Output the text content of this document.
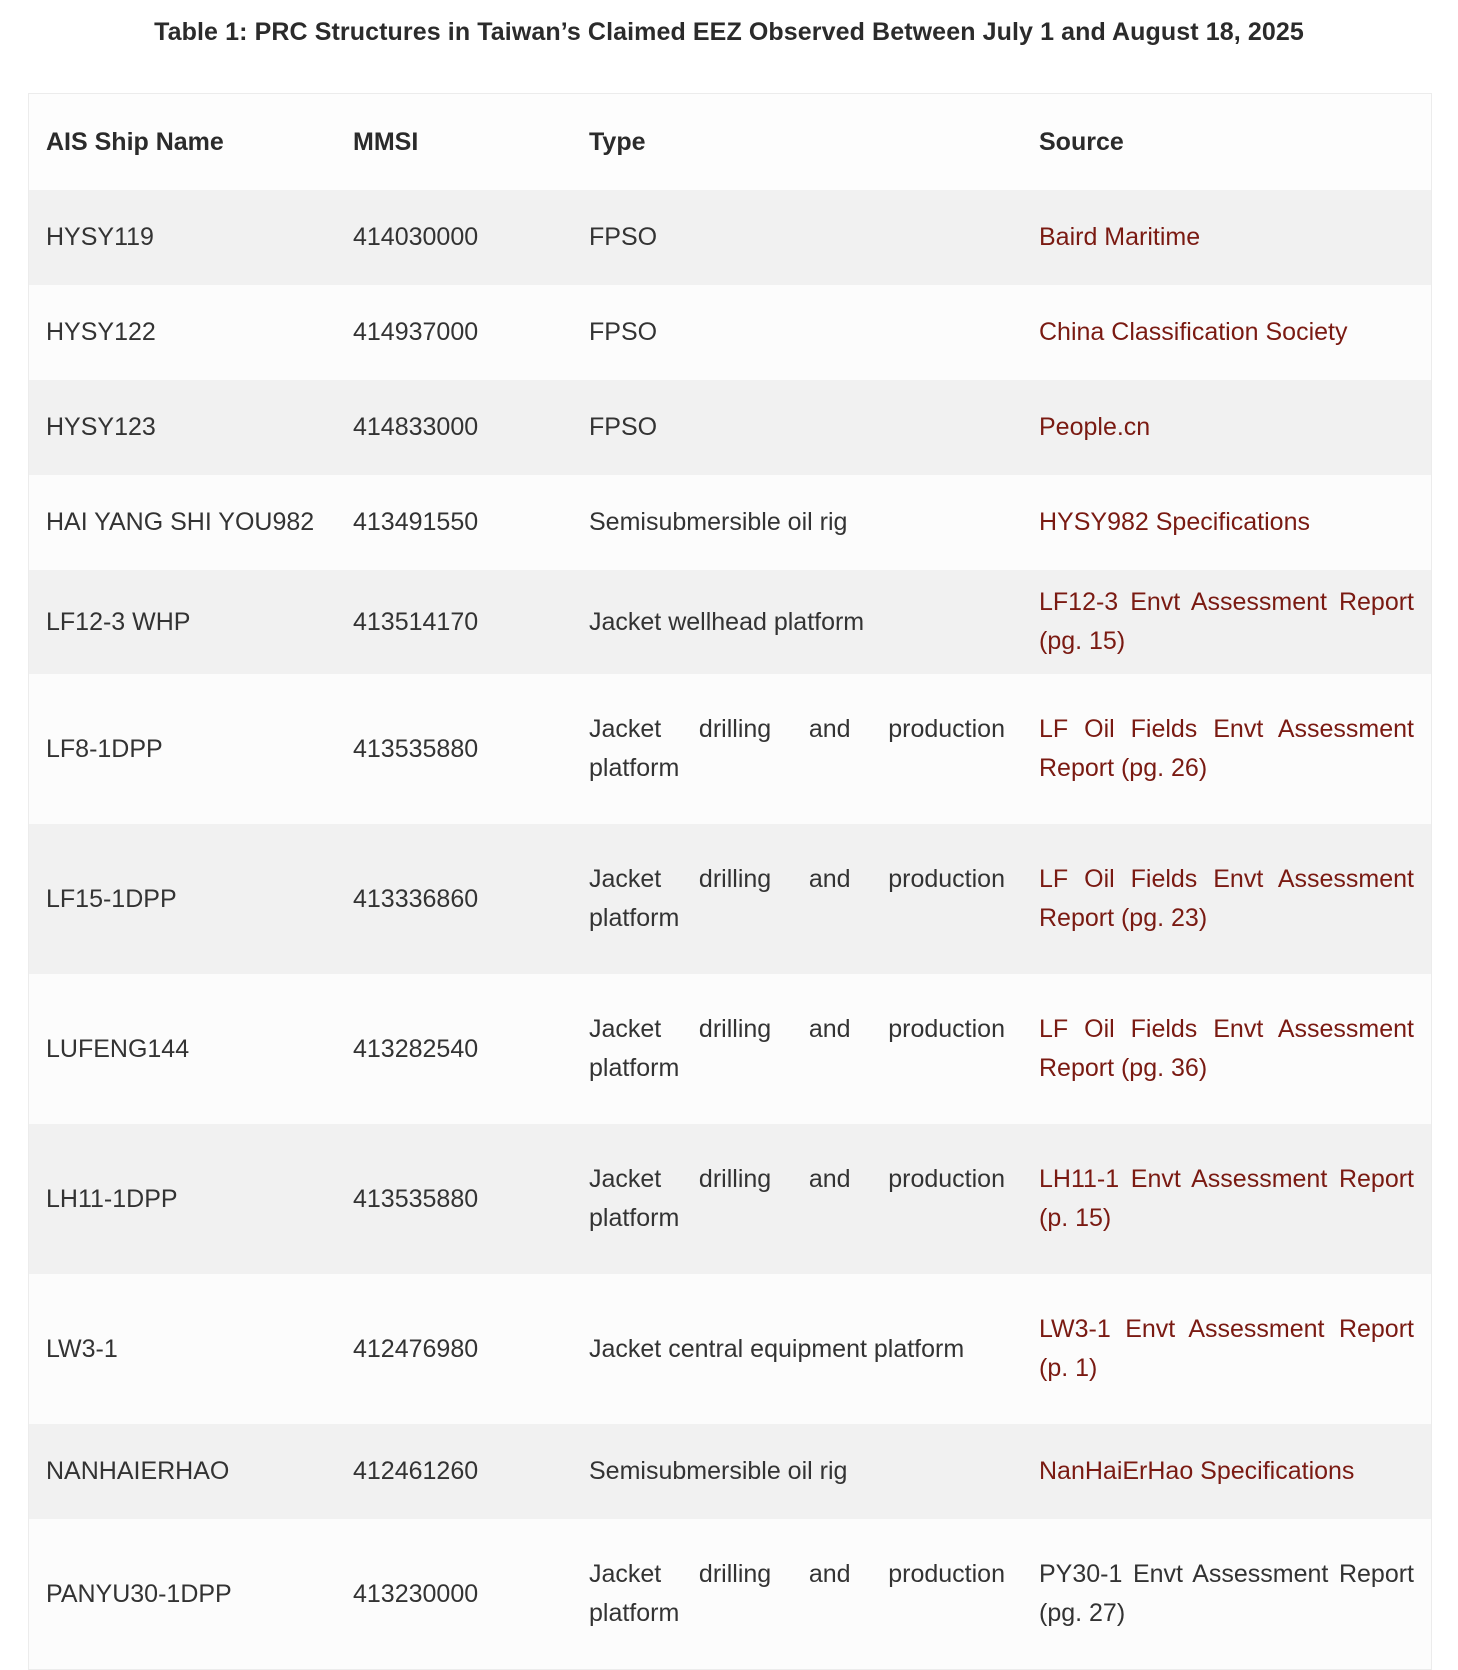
Table 1: PRC Structures in Taiwan’s Claimed EEZ Observed Between July 1 and August 18, 2025
AIS Ship Name	MMSI	Type	Source
HYSY119	414030000	FPSO	Baird Maritime
HYSY122	414937000	FPSO	China Classification Society
HYSY123	414833000	FPSO	People.cn
HAI YANG SHI YOU982	413491550	Semisubmersible oil rig	HYSY982 Specifications
LF12-3 WHP	413514170	Jacket wellhead platform	LF12-3 Envt Assessment Report (pg. 15)
LF8-1DPP	413535880	Jacket drilling and production platform	LF Oil Fields Envt Assessment Report (pg. 26)
LF15-1DPP	413336860	Jacket drilling and production platform	LF Oil Fields Envt Assessment Report (pg. 23)
LUFENG144	413282540	Jacket drilling and production platform	LF Oil Fields Envt Assessment Report (pg. 36)
LH11-1DPP	413535880	Jacket drilling and production platform	LH11-1 Envt Assessment Report (p. 15)
LW3-1	412476980	Jacket central equipment platform	LW3-1 Envt Assessment Report (p. 1)
NANHAIERHAO	412461260	Semisubmersible oil rig	NanHaiErHao Specifications
PANYU30-1DPP	413230000	Jacket drilling and production platform	PY30-1 Envt Assessment Report (pg. 27)
